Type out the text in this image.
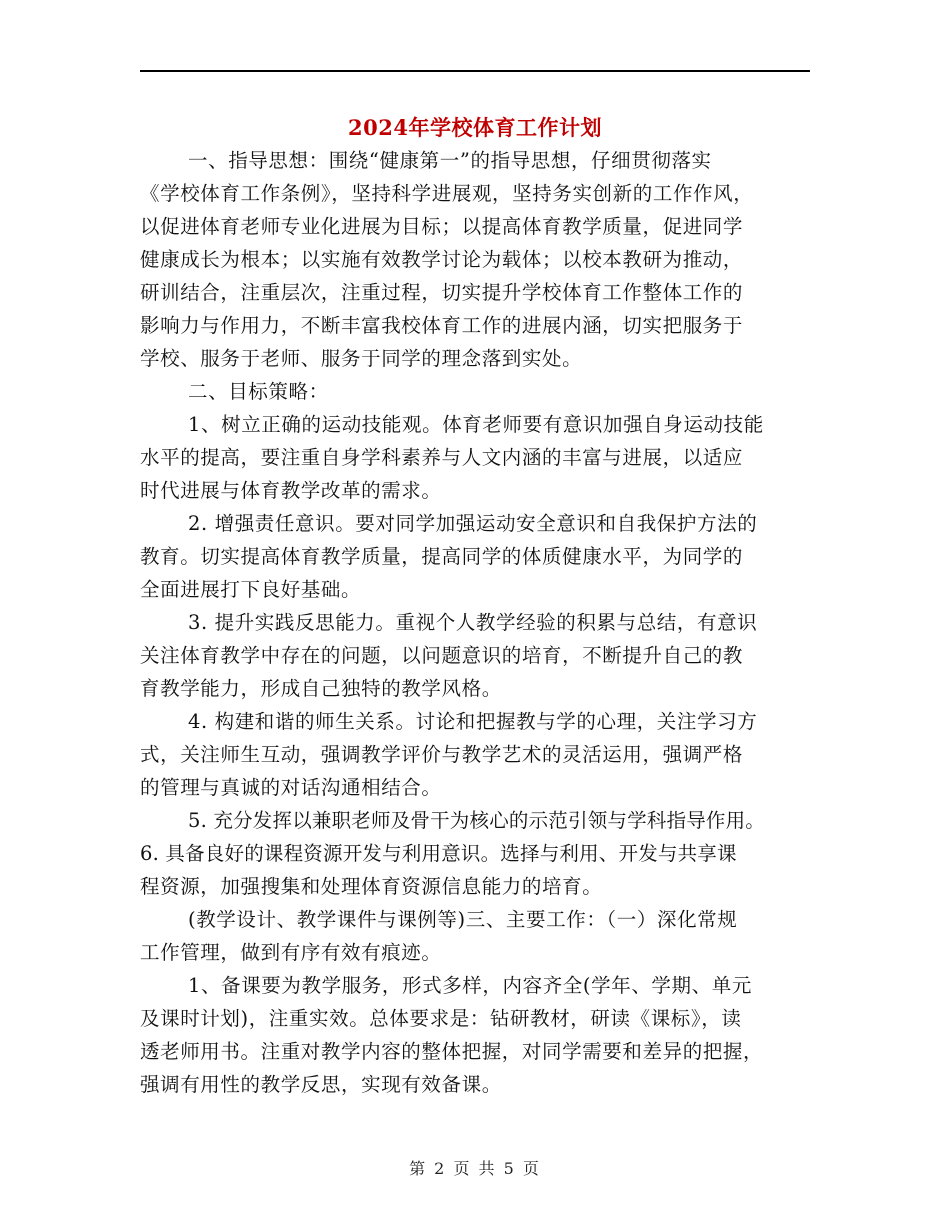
2024年学校体育工作计划
一、指导思想：围绕“健康第一”的指导思想，仔细贯彻落实
《学校体育工作条例》，坚持科学进展观，坚持务实创新的工作作风，
以促进体育老师专业化进展为目标；以提高体育教学质量，促进同学
健康成长为根本；以实施有效教学讨论为载体；以校本教研为推动，
研训结合，注重层次，注重过程，切实提升学校体育工作整体工作的
影响力与作用力，不断丰富我校体育工作的进展内涵，切实把服务于
学校、服务于老师、服务于同学的理念落到实处。
二、目标策略：
1、树立正确的运动技能观。体育老师要有意识加强自身运动技能
水平的提高，要注重自身学科素养与人文内涵的丰富与进展，以适应
时代进展与体育教学改革的需求。
2. 增强责任意识。要对同学加强运动安全意识和自我保护方法的
教育。切实提高体育教学质量，提高同学的体质健康水平，为同学的
全面进展打下良好基础。
3. 提升实践反思能力。重视个人教学经验的积累与总结，有意识
关注体育教学中存在的问题，以问题意识的培育，不断提升自己的教
育教学能力，形成自己独特的教学风格。
4. 构建和谐的师生关系。讨论和把握教与学的心理，关注学习方
式，关注师生互动，强调教学评价与教学艺术的灵活运用，强调严格
的管理与真诚的对话沟通相结合。
5. 充分发挥以兼职老师及骨干为核心的示范引领与学科指导作用。
6. 具备良好的课程资源开发与利用意识。选择与利用、开发与共享课
程资源，加强搜集和处理体育资源信息能力的培育。
(教学设计、教学课件与课例等)三、主要工作：（一）深化常规
工作管理，做到有序有效有痕迹。
1、备课要为教学服务，形式多样，内容齐全(学年、学期、单元
及课时计划)，注重实效。总体要求是：钻研教材，研读《课标》，读
透老师用书。注重对教学内容的整体把握，对同学需要和差异的把握，
强调有用性的教学反思，实现有效备课。
第 2 页 共 5 页
